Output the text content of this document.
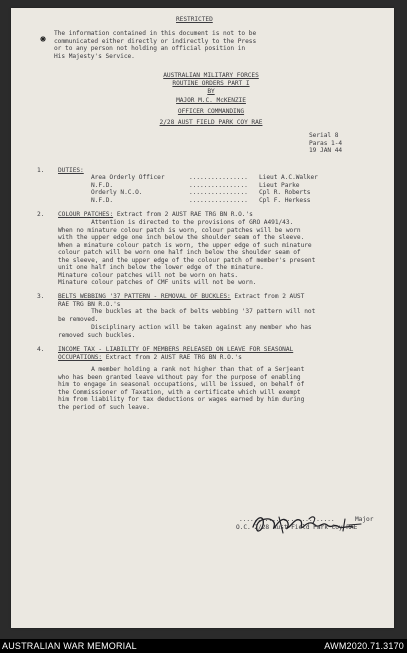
RESTRICTED
The information contained in this document is not to be
communicated either directly or indirectly to the Press
or to any person not holding an official position in
His Majesty's Service.
AUSTRALIAN MILITARY FORCES
ROUTINE ORDERS PART I
BY
MAJOR M.C. McKENZIE
OFFICER COMMANDING
2/28 AUST FIELD PARK COY RAE
Serial 8
Paras 1-4
19 JAN 44
1. DUTIES:
Area Orderly Officer	................ Lieut A.C.Walker
N.F.D.	................ Lieut Parke
Orderly N.C.O.	................ Cpl R. Roberts
N.F.D.	................ Cpl F. Herkess
2. COLOUR PATCHES: Extract from 2 AUST RAE TRG BN R.O.'s
Attention is directed to the provisions of GRO A491/43.
When no minature colour patch is worn, colour patches will be worn
with the upper edge one inch below the shoulder seam of the sleeve.
When a minature colour patch is worn, the upper edge of such minature
colour patch will be worn one half inch below the shoulder seam of
the sleeve, and the upper edge of the colour patch of member's present
unit one half inch below the lower edge of the minature.
Minature colour patches will not be worn on hats.
Minature colour patches of CMF units will not be worn.
3. BELTS WEBBING '37 PATTERN - REMOVAL OF BUCKLES: Extract from 2 AUST
RAE TRG BN R.O.'s
The buckles at the back of belts webbing '37 pattern will not
be removed.
Disciplinary action will be taken against any member who has
removed such buckles.
4. INCOME TAX - LIABILITY OF MEMBERS RELEASED ON LEAVE FOR SEASONAL
OCCUPATIONS: Extract from 2 AUST RAE TRG BN R.O.'s
A member holding a rank not higher than that of a Serjeant
who has been granted leave without pay for the purpose of enabling
him to engage in seasonal occupations, will be issued, on behalf of
the Commissioner of Taxation, with a certificate which will exempt
him from liability for tax deductions or wages earned by him during
the period of such leave.
..........................	Major
O.C. 2/28 Aust Field Park Coy RAE
AUSTRALIAN WAR MEMORIAL	AWM2020.71.3170
